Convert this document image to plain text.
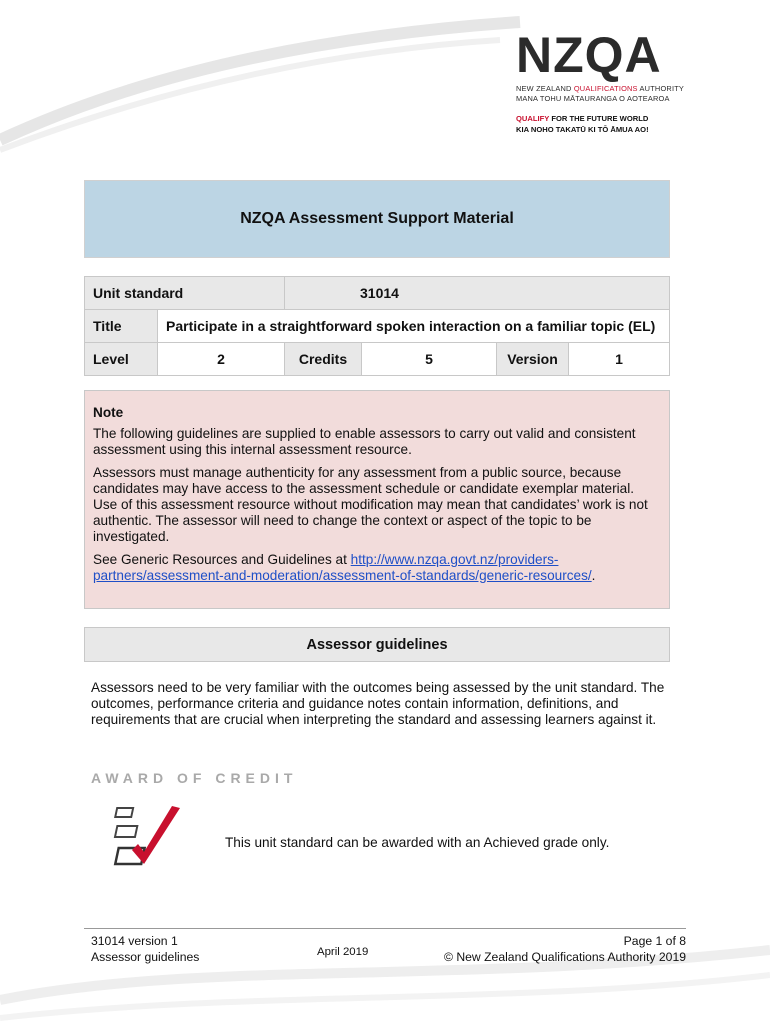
NZQA
NEW ZEALAND QUALIFICATIONS AUTHORITY
MANA TOHU MĀTAURANGA O AOTEAROA
QUALIFY FOR THE FUTURE WORLD
KIA NOHO TAKATŪ KI TŌ ĀMUA AO!
NZQA Assessment Support Material
Unit standard		31014			
Title	Participate in a straightforward spoken interaction on a familiar topic (EL)				
Level	2	Credits	5	Version	1

Note

The following guidelines are supplied to enable assessors to carry out valid and consistent assessment using this internal assessment resource.

Assessors must manage authenticity for any assessment from a public source, because candidates may have access to the assessment schedule or candidate exemplar material. Use of this assessment resource without modification may mean that candidates’ work is not authentic. The assessor will need to change the context or aspect of the topic to be investigated.

See Generic Resources and Guidelines at http://www.nzqa.govt.nz/providers-partners/assessment-and-moderation/assessment-of-standards/generic-resources/.

Assessor guidelines

Assessors need to be very familiar with the outcomes being assessed by the unit standard. The outcomes, performance criteria and guidance notes contain information, definitions, and requirements that are crucial when interpreting the standard and assessing learners against it.

AWARD OF CREDIT
This unit standard can be awarded with an Achieved grade only.
31014 version 1
Assessor guidelines	April 2019
Page 1 of 8
© New Zealand Qualifications Authority 2019
